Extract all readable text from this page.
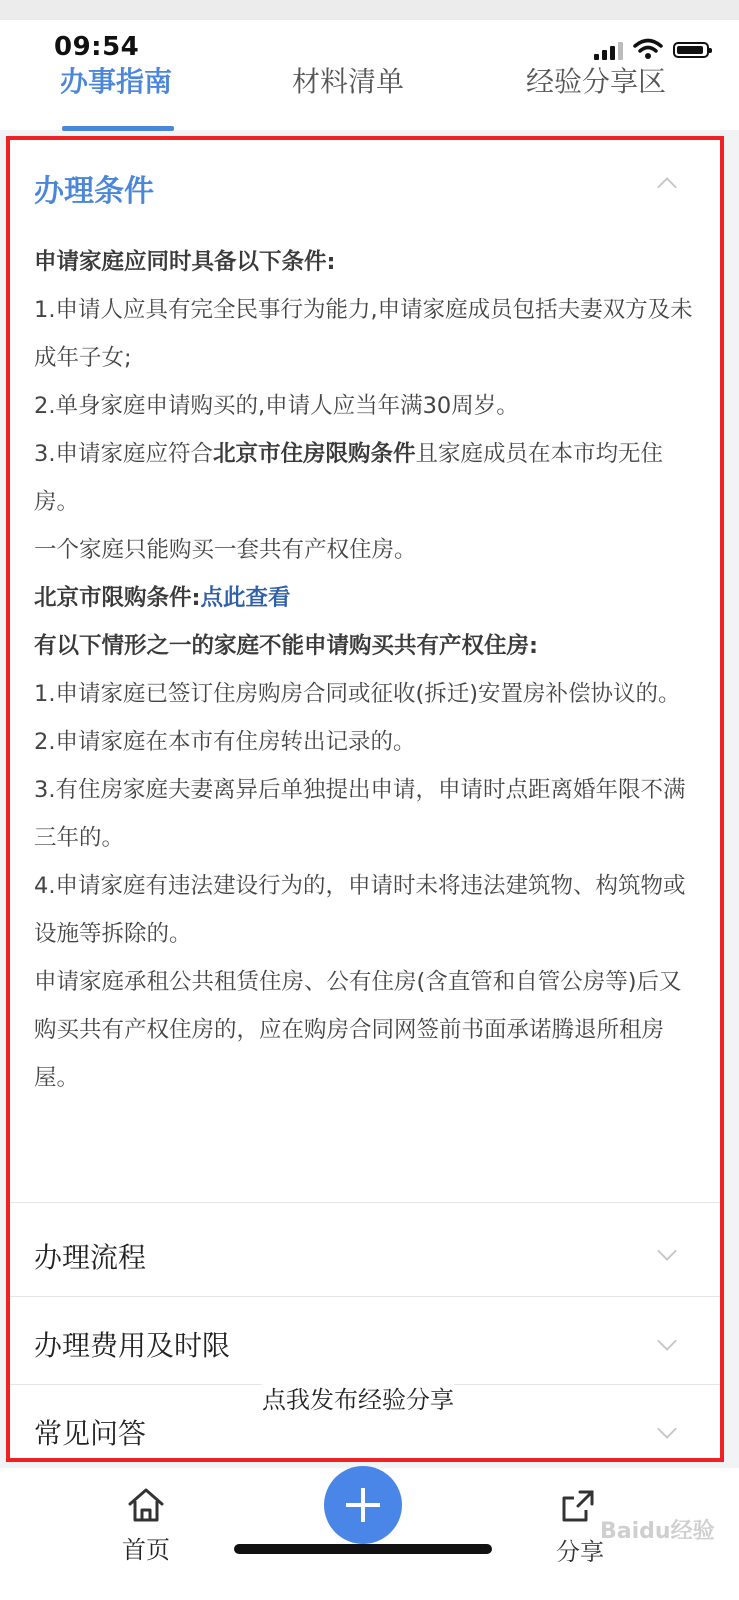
09:54
办事指南	材料清单	经验分享区
办理条件

申请家庭应同时具备以下条件:

1.申请人应具有完全民事行为能力,申请家庭成员包括夫妻双方及未成年子女;

2.单身家庭申请购买的,申请人应当年满30周岁。

3.申请家庭应符合北京市住房限购条件且家庭成员在本市均无住房。

一个家庭只能购买一套共有产权住房。

北京市限购条件:点此查看

有以下情形之一的家庭不能申请购买共有产权住房:

1.申请家庭已签订住房购房合同或征收(拆迁)安置房补偿协议的。

2.申请家庭在本市有住房转出记录的。

3.有住房家庭夫妻离异后单独提出申请，申请时点距离婚年限不满三年的。

4.申请家庭有违法建设行为的，申请时未将违法建筑物、构筑物或设施等拆除的。

申请家庭承租公共租赁住房、公有住房(含直管和自管公房等)后又购买共有产权住房的，应在购房合同网签前书面承诺腾退所租房屋。

办理流程
办理费用及时限
常见问答
点我发布经验分享
首页	分享
Baidu经验
